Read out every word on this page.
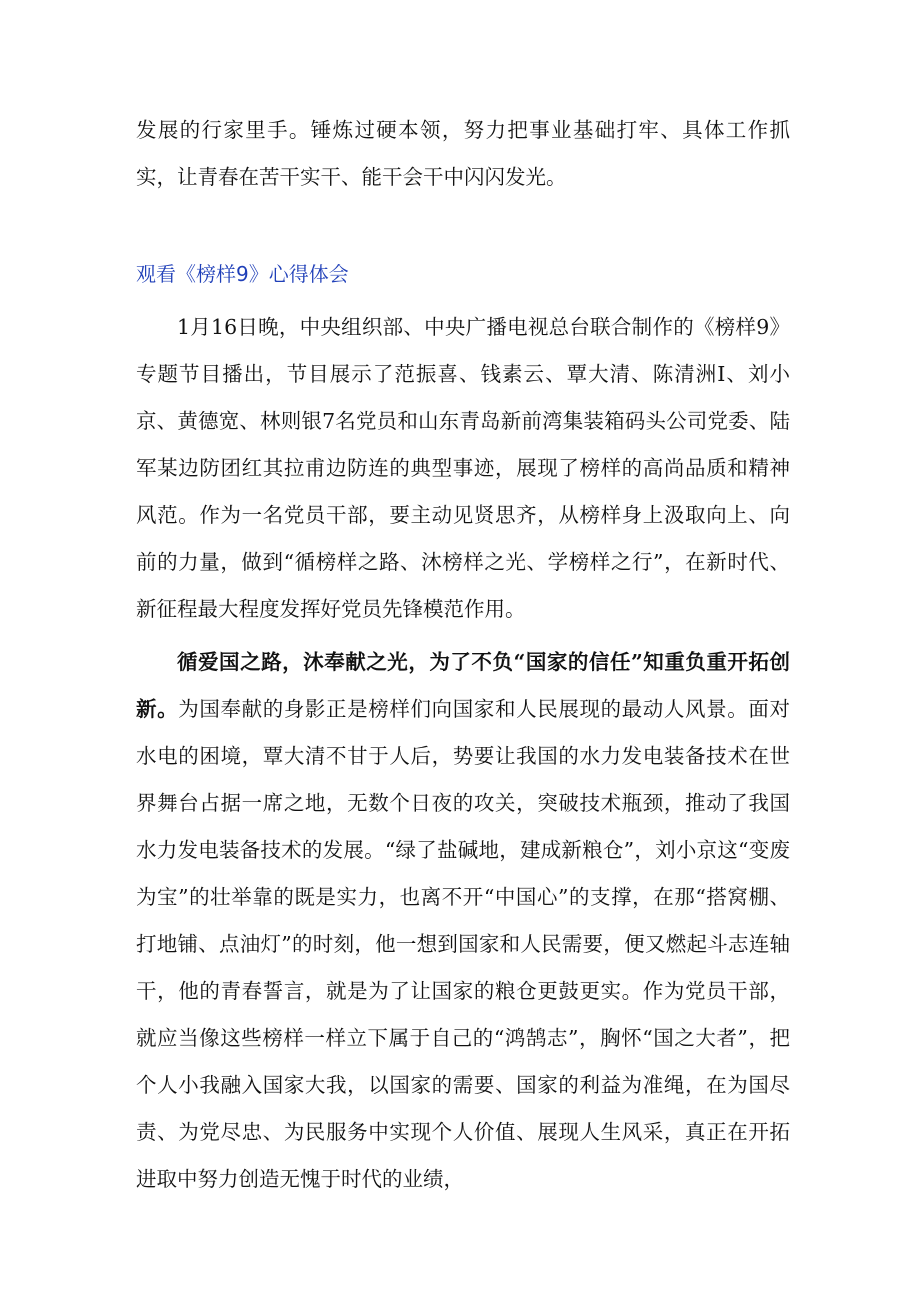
发展的行家里手。锤炼过硬本领，努力把事业基础打牢、具体工作抓实，让青春在苦干实干、能干会干中闪闪发光。

观看《榜样9》心得体会

1月16日晚，中央组织部、中央广播电视总台联合制作的《榜样9》专题节目播出，节目展示了范振喜、钱素云、覃大清、陈清洲I、刘小京、黄德宽、林则银7名党员和山东青岛新前湾集装箱码头公司党委、陆军某边防团红其拉甫边防连的典型事迹，展现了榜样的高尚品质和精神风范。作为一名党员干部，要主动见贤思齐，从榜样身上汲取向上、向前的力量，做到“循榜样之路、沐榜样之光、学榜样之行”，在新时代、新征程最大程度发挥好党员先锋模范作用。

循爱国之路，沐奉献之光，为了不负“国家的信任”知重负重开拓创新。为国奉献的身影正是榜样们向国家和人民展现的最动人风景。面对水电的困境，覃大清不甘于人后，势要让我国的水力发电装备技术在世界舞台占据一席之地，无数个日夜的攻关，突破技术瓶颈，推动了我国水力发电装备技术的发展。“绿了盐碱地，建成新粮仓”，刘小京这“变废为宝”的壮举靠的既是实力，也离不开“中国心”的支撑，在那“搭窝棚、打地铺、点油灯”的时刻，他一想到国家和人民需要，便又燃起斗志连轴干，他的青春誓言，就是为了让国家的粮仓更鼓更实。作为党员干部，就应当像这些榜样一样立下属于自己的“鸿鹄志”，胸怀“国之大者”，把个人小我融入国家大我，以国家的需要、国家的利益为准绳，在为国尽责、为党尽忠、为民服务中实现个人价值、展现人生风采，真正在开拓进取中努力创造无愧于时代的业绩，
